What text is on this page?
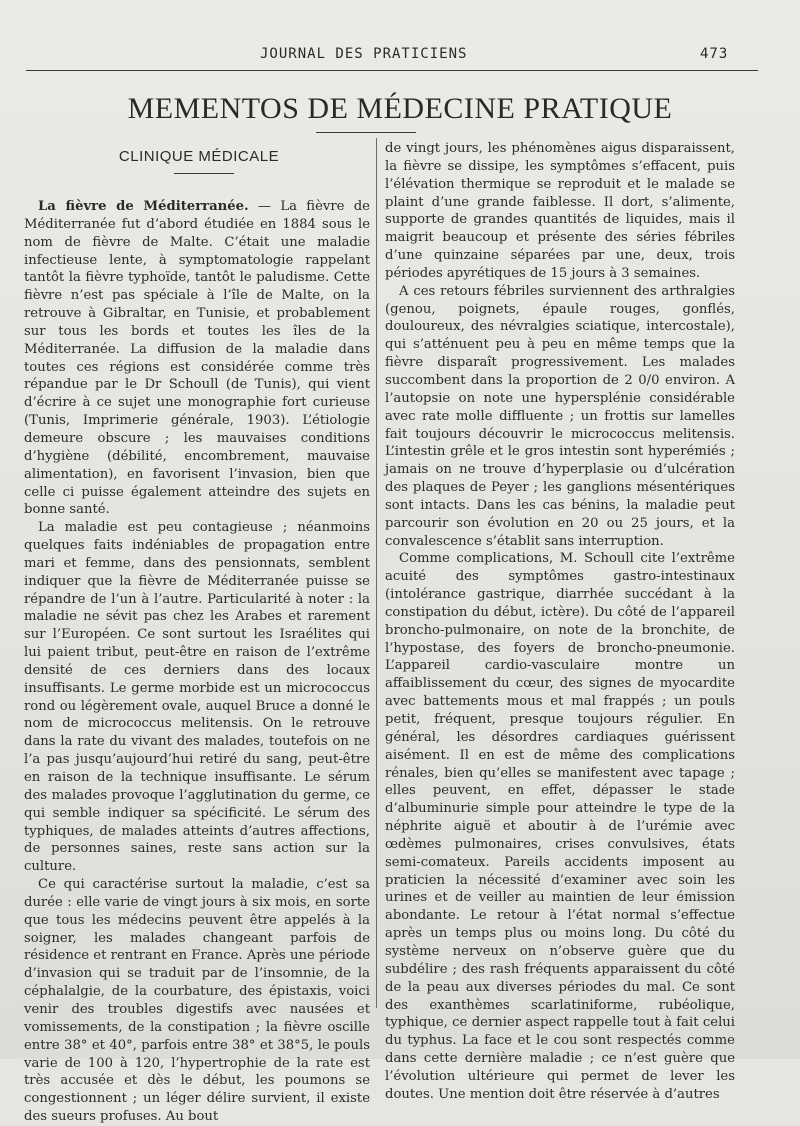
JOURNAL DES PRATICIENS	473
MEMENTOS DE MÉDECINE PRATIQUE
CLINIQUE MÉDICALE

La fièvre de Méditerranée. — La fièvre de Méditerranée fut d’abord étudiée en 1884 sous le nom de fièvre de Malte. C’était une maladie infectieuse lente, à symptomatologie rappelant tantôt la fièvre typhoïde, tantôt le paludisme. Cette fièvre n’est pas spéciale à l’île de Malte, on la retrouve à Gibraltar, en Tunisie, et probablement sur tous les bords et toutes les îles de la Méditerranée. La diffusion de la maladie dans toutes ces régions est considérée comme très répandue par le Dr Schoull (de Tunis), qui vient d’écrire à ce sujet une monographie fort curieuse (Tunis, Imprimerie générale, 1903). L’étiologie demeure obscure ; les mauvaises conditions d’hygiène (débilité, encombrement, mauvaise alimentation), en favorisent l’invasion, bien que celle ci puisse également atteindre des sujets en bonne santé.

La maladie est peu contagieuse ; néanmoins quelques faits indéniables de propagation entre mari et femme, dans des pensionnats, semblent indiquer que la fièvre de Méditerranée puisse se répandre de l’un à l’autre. Particularité à noter : la maladie ne sévit pas chez les Arabes et rarement sur l’Européen. Ce sont surtout les Israélites qui lui paient tribut, peut-être en raison de l’extrême densité de ces derniers dans des locaux insuffisants. Le germe morbide est un micrococcus rond ou légèrement ovale, auquel Bruce a donné le nom de micrococcus melitensis. On le retrouve dans la rate du vivant des malades, toutefois on ne l’a pas jusqu’aujourd’hui retiré du sang, peut-être en raison de la technique insuffisante. Le sérum des malades provoque l’agglutination du germe, ce qui semble indiquer sa spécificité. Le sérum des typhiques, de malades atteints d’autres affections, de personnes saines, reste sans action sur la culture.

Ce qui caractérise surtout la maladie, c’est sa durée : elle varie de vingt jours à six mois, en sorte que tous les médecins peuvent être appelés à la soigner, les malades changeant parfois de résidence et rentrant en France. Après une période d’invasion qui se traduit par de l’insomnie, de la céphalalgie, de la courbature, des épistaxis, voici venir des troubles digestifs avec nausées et vomissements, de la constipation ; la fièvre oscille entre 38° et 40°, parfois entre 38° et 38°5, le pouls varie de 100 à 120, l’hypertrophie de la rate est très accusée et dès le début, les poumons se congestionnent ; un léger délire survient, il existe des sueurs profuses. Au bout

de vingt jours, les phénomènes aigus disparaissent, la fièvre se dissipe, les symptômes s’effacent, puis l’élévation thermique se reproduit et le malade se plaint d’une grande faiblesse. Il dort, s’alimente, supporte de grandes quantités de liquides, mais il maigrit beaucoup et présente des séries fébriles d’une quinzaine séparées par une, deux, trois périodes apyrétiques de 15 jours à 3 semaines.

A ces retours fébriles surviennent des arthralgies (genou, poignets, épaule rouges, gonflés, douloureux, des névralgies sciatique, intercostale), qui s’atténuent peu à peu en même temps que la fièvre disparaît progressivement. Les malades succombent dans la proportion de 2 0/0 environ. A l’autopsie on note une hypersplénie considérable avec rate molle diffluente ; un frottis sur lamelles fait toujours découvrir le micrococcus melitensis. L’intestin grêle et le gros intestin sont hyperémiés ; jamais on ne trouve d’hyperplasie ou d’ulcération des plaques de Peyer ; les ganglions mésentériques sont intacts. Dans les cas bénins, la maladie peut parcourir son évolution en 20 ou 25 jours, et la convalescence s’établit sans interruption.

Comme complications, M. Schoull cite l’extrême acuité des symptômes gastro-intestinaux (intolérance gastrique, diarrhée succédant à la constipation du début, ictère). Du côté de l’appareil broncho-pulmonaire, on note de la bronchite, de l’hypostase, des foyers de broncho-pneumonie. L’appareil cardio-vasculaire montre un affaiblissement du cœur, des signes de myocardite avec battements mous et mal frappés ; un pouls petit, fréquent, presque toujours régulier. En général, les désordres cardiaques guérissent aisément. Il en est de même des complications rénales, bien qu’elles se manifestent avec tapage ; elles peuvent, en effet, dépasser le stade d’albuminurie simple pour atteindre le type de la néphrite aiguë et aboutir à de l’urémie avec œdèmes pulmonaires, crises convulsives, états semi-comateux. Pareils accidents imposent au praticien la nécessité d’examiner avec soin les urines et de veiller au maintien de leur émission abondante. Le retour à l’état normal s’effectue après un temps plus ou moins long. Du côté du système nerveux on n’observe guère que du subdélire ; des rash fréquents apparaissent du côté de la peau aux diverses périodes du mal. Ce sont des exanthèmes scarlatiniforme, rubéolique, typhique, ce dernier aspect rappelle tout à fait celui du typhus. La face et le cou sont respectés comme dans cette dernière maladie ; ce n’est guère que l’évolution ultérieure qui permet de lever les doutes. Une mention doit être réservée à d’autres
